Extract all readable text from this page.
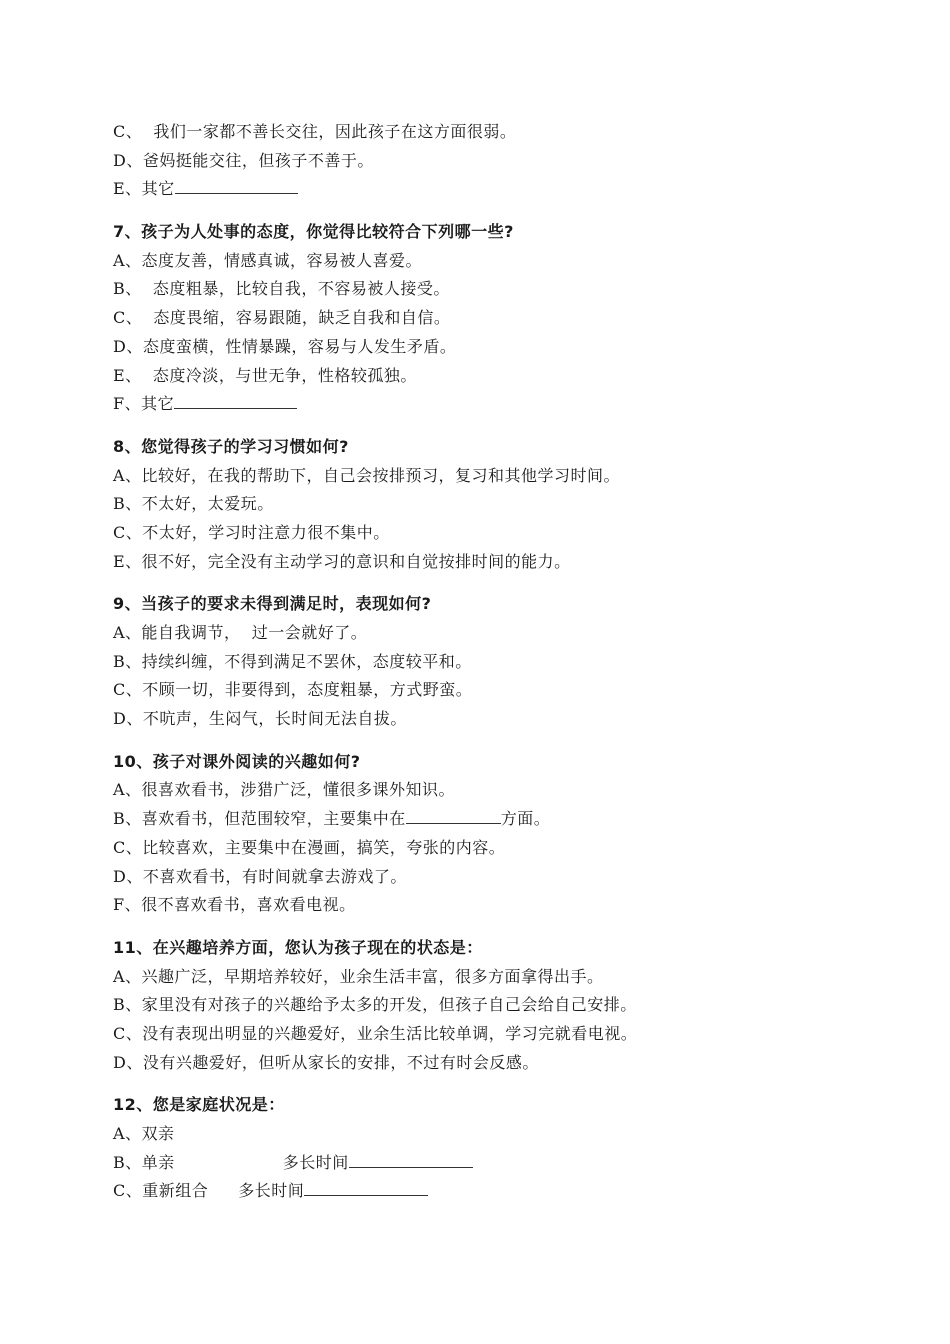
C、  我们一家都不善长交往，因此孩子在这方面很弱。
D、爸妈挺能交往，但孩子不善于。
E、其它
7、孩子为人处事的态度，你觉得比较符合下列哪一些?
A、态度友善，情感真诚，容易被人喜爱。
B、  态度粗暴，比较自我，不容易被人接受。
C、  态度畏缩，容易跟随，缺乏自我和自信。
D、态度蛮横，性情暴躁，容易与人发生矛盾。
E、  态度冷淡，与世无争，性格较孤独。
F、其它
8、您觉得孩子的学习习惯如何?
A、比较好，在我的帮助下，自己会按排预习，复习和其他学习时间。
B、不太好，太爱玩。
C、不太好，学习时注意力很不集中。
E、很不好，完全没有主动学习的意识和自觉按排时间的能力。
9、当孩子的要求未得到满足时，表现如何?
A、能自我调节，  过一会就好了。
B、持续纠缠，不得到满足不罢休，态度较平和。
C、不顾一切，非要得到，态度粗暴，方式野蛮。
D、不吭声，生闷气，长时间无法自拔。
10、孩子对课外阅读的兴趣如何?
A、很喜欢看书，涉猎广泛，懂很多课外知识。
B、喜欢看书，但范围较窄，主要集中在	方面。
C、比较喜欢，主要集中在漫画，搞笑，夸张的内容。
D、不喜欢看书，有时间就拿去游戏了。
F、很不喜欢看书，喜欢看电视。
11、在兴趣培养方面，您认为孩子现在的状态是：
A、兴趣广泛，早期培养较好，业余生活丰富，很多方面拿得出手。
B、家里没有对孩子的兴趣给予太多的开发，但孩子自己会给自己安排。
C、没有表现出明显的兴趣爱好，业余生活比较单调，学习完就看电视。
D、没有兴趣爱好，但听从家长的安排，不过有时会反感。
12、您是家庭状况是：
A、双亲
B、单亲	多长时间
C、重新组合 多长时间
